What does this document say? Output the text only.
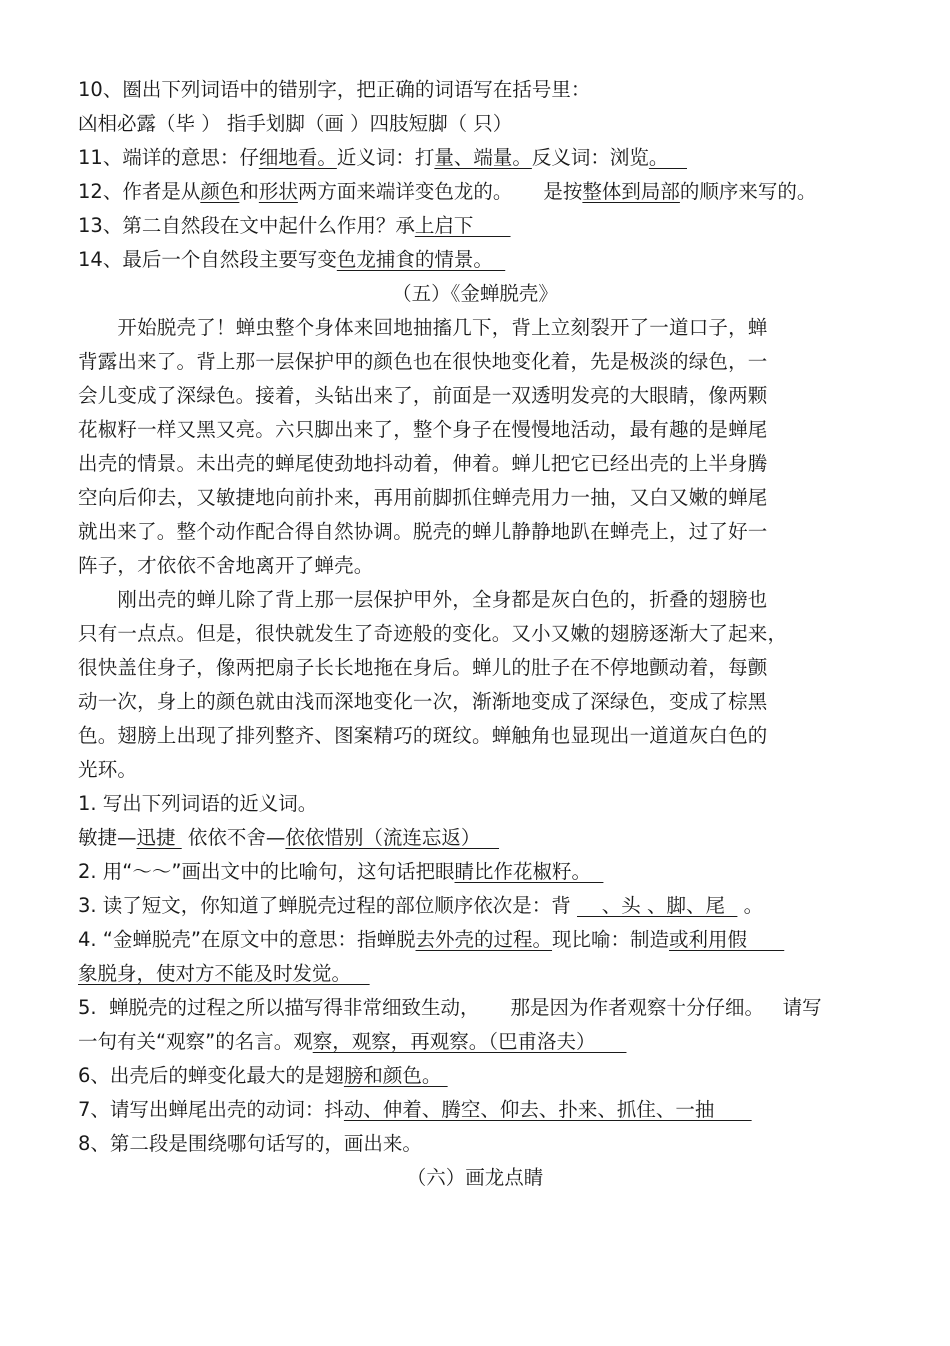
10、圈出下列词语中的错别字，把正确的词语写在括号里：
凶相必露（毕 ） 指手划脚（画 ）四肢短脚（ 只）
11、端详的意思：仔细地看。近义词：打量、端量。反义词：浏览。
12、作者是从颜色和形状两方面来端详变色龙的。     是按整体到局部的顺序来写的。
13、第二自然段在文中起什么作用？承上启下
14、最后一个自然段主要写变色龙捕食的情景。
（五）《金蝉脱壳》
　　开始脱壳了！蝉虫整个身体来回地抽搐几下，背上立刻裂开了一道口子，蝉
背露出来了。背上那一层保护甲的颜色也在很快地变化着，先是极淡的绿色，一
会儿变成了深绿色。接着，头钻出来了，前面是一双透明发亮的大眼睛，像两颗
花椒籽一样又黑又亮。六只脚出来了，整个身子在慢慢地活动，最有趣的是蝉尾
出壳的情景。未出壳的蝉尾使劲地抖动着，伸着。蝉儿把它已经出壳的上半身腾
空向后仰去，又敏捷地向前扑来，再用前脚抓住蝉壳用力一抽，又白又嫩的蝉尾
就出来了。整个动作配合得自然协调。脱壳的蝉儿静静地趴在蝉壳上，过了好一
阵子，才依依不舍地离开了蝉壳。
　　刚出壳的蝉儿除了背上那一层保护甲外，全身都是灰白色的，折叠的翅膀也
只有一点点。但是，很快就发生了奇迹般的变化。又小又嫩的翅膀逐渐大了起来，
很快盖住身子，像两把扇子长长地拖在身后。蝉儿的肚子在不停地颤动着，每颤
动一次，身上的颜色就由浅而深地变化一次，渐渐地变成了深绿色，变成了棕黑
色。翅膀上出现了排列整齐、图案精巧的斑纹。蝉触角也显现出一道道灰白色的
光环。
1. 写出下列词语的近义词。
敏捷—迅捷  依依不舍—依依惜别（流连忘返）
2. 用“～～”画出文中的比喻句，这句话把眼睛比作花椒籽。
3. 读了短文，你知道了蝉脱壳过程的部位顺序依次是：背     、头 、脚、尾   。
4. “金蝉脱壳”在原文中的意思：指蝉脱去外壳的过程。现比喻：制造或利用假
象脱身，使对方不能及时发觉。
5.  蝉脱壳的过程之所以描写得非常细致生动，     那是因为作者观察十分仔细。   请写
一句有关“观察”的名言。观察，观察，再观察。（巴甫洛夫）
6、出壳后的蝉变化最大的是翅膀和颜色。
7、请写出蝉尾出壳的动词：抖动、伸着、腾空、仰去、扑来、抓住、一抽
8、第二段是围绕哪句话写的，画出来。
（六）画龙点睛
